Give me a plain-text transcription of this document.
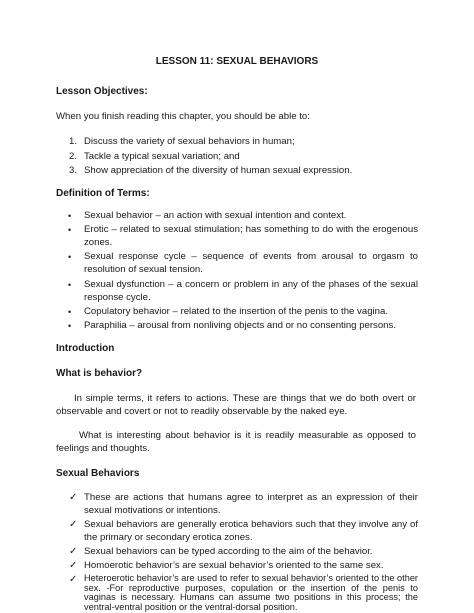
LESSON 11: SEXUAL BEHAVIORS
Lesson Objectives:
When you finish reading this chapter, you should be able to:
1. Discuss the variety of sexual behaviors in human;
2. Tackle a typical sexual variation; and
3. Show appreciation of the diversity of human sexual expression.
Definition of Terms:
• Sexual behavior – an action with sexual intention and context.
• Erotic – related to sexual stimulation; has something to do with the erogenous zones.
• Sexual response cycle – sequence of events from arousal to orgasm to resolution of sexual tension.
• Sexual dysfunction – a concern or problem in any of the phases of the sexual response cycle.
• Copulatory behavior – related to the insertion of the penis to the vagina.
• Paraphilia – arousal from nonliving objects and or no consenting persons.
Introduction
What is behavior?
In simple terms, it refers to actions. These are things that we do both overt or observable and covert or not to readily observable by the naked eye.
What is interesting about behavior is it is readily measurable as opposed to feelings and thoughts.
Sexual Behaviors
✓ These are actions that humans agree to interpret as an expression of their sexual motivations or intentions.
✓ Sexual behaviors are generally erotica behaviors such that they involve any of the primary or secondary erotica zones.
✓ Sexual behaviors can be typed according to the aim of the behavior.
✓ Homoerotic behavior’s are sexual behavior’s oriented to the same sex.
✓ Heteroerotic behavior’s are used to refer to sexual behavior’s oriented to the other sex. -For reproductive purposes, copulation or the insertion of the penis to vaginas is necessary. Humans can assume two positions in this process; the ventral-ventral position or the ventral-dorsal position.
